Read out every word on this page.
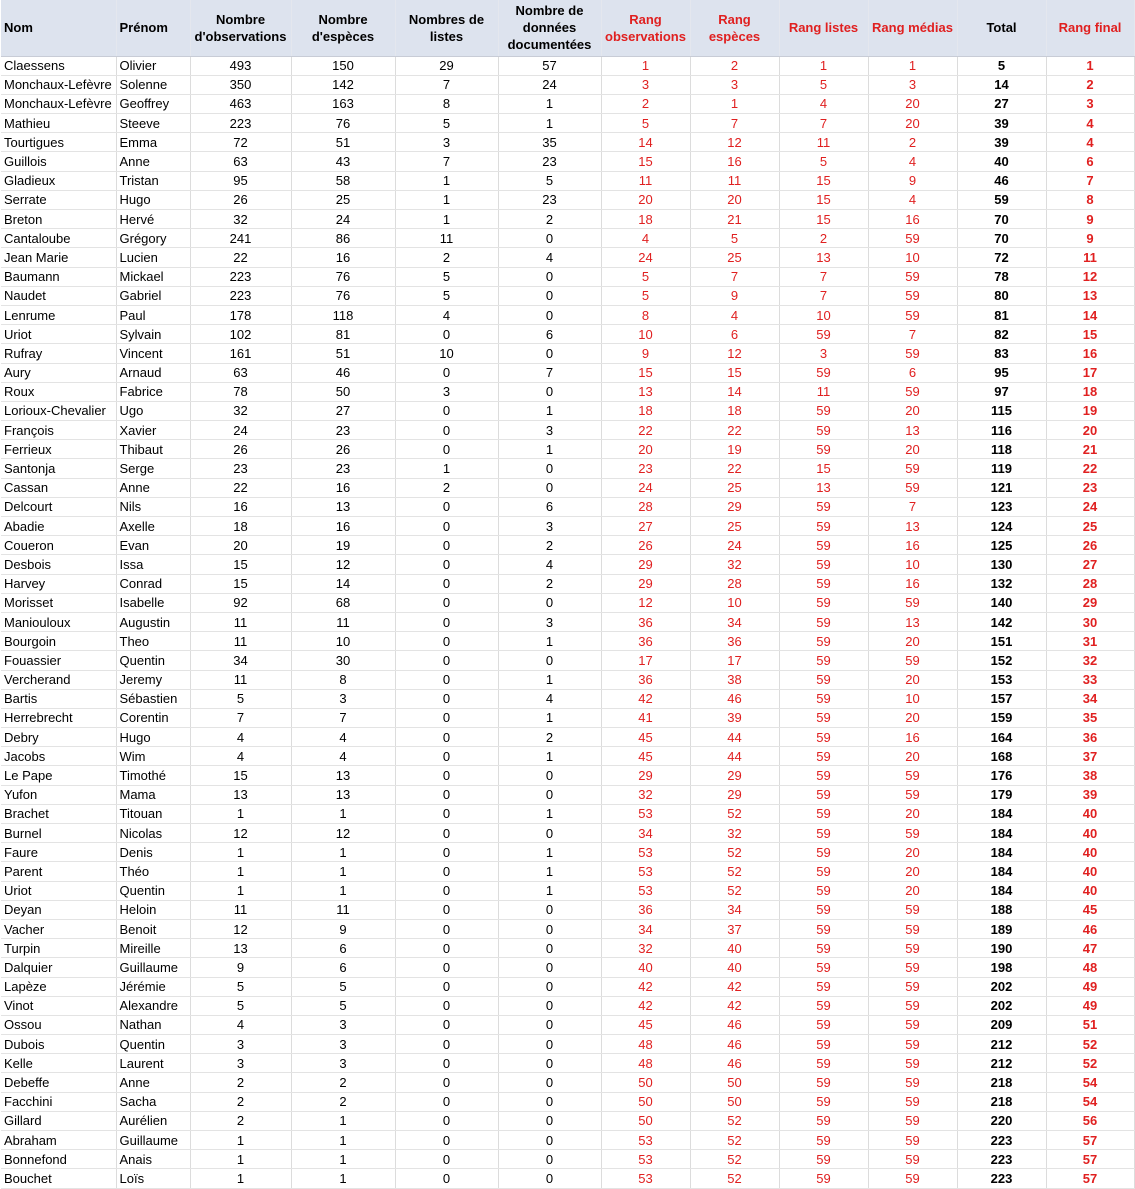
Nom	Prénom	Nombre d'observations	Nombre d'espèces	Nombres de listes	Nombre de données documentées	Rang observations	Rang espèces	Rang listes	Rang médias	Total	Rang final
Claessens	Olivier	493	150	29	57	1	2	1	1	5	1
Monchaux-Lefèvre	Solenne	350	142	7	24	3	3	5	3	14	2
Monchaux-Lefèvre	Geoffrey	463	163	8	1	2	1	4	20	27	3
Mathieu	Steeve	223	76	5	1	5	7	7	20	39	4
Tourtigues	Emma	72	51	3	35	14	12	11	2	39	4
Guillois	Anne	63	43	7	23	15	16	5	4	40	6
Gladieux	Tristan	95	58	1	5	11	11	15	9	46	7
Serrate	Hugo	26	25	1	23	20	20	15	4	59	8
Breton	Hervé	32	24	1	2	18	21	15	16	70	9
Cantaloube	Grégory	241	86	11	0	4	5	2	59	70	9
Jean Marie	Lucien	22	16	2	4	24	25	13	10	72	11
Baumann	Mickael	223	76	5	0	5	7	7	59	78	12
Naudet	Gabriel	223	76	5	0	5	9	7	59	80	13
Lenrume	Paul	178	118	4	0	8	4	10	59	81	14
Uriot	Sylvain	102	81	0	6	10	6	59	7	82	15
Rufray	Vincent	161	51	10	0	9	12	3	59	83	16
Aury	Arnaud	63	46	0	7	15	15	59	6	95	17
Roux	Fabrice	78	50	3	0	13	14	11	59	97	18
Lorioux-Chevalier	Ugo	32	27	0	1	18	18	59	20	115	19
François	Xavier	24	23	0	3	22	22	59	13	116	20
Ferrieux	Thibaut	26	26	0	1	20	19	59	20	118	21
Santonja	Serge	23	23	1	0	23	22	15	59	119	22
Cassan	Anne	22	16	2	0	24	25	13	59	121	23
Delcourt	Nils	16	13	0	6	28	29	59	7	123	24
Abadie	Axelle	18	16	0	3	27	25	59	13	124	25
Coueron	Evan	20	19	0	2	26	24	59	16	125	26
Desbois	Issa	15	12	0	4	29	32	59	10	130	27
Harvey	Conrad	15	14	0	2	29	28	59	16	132	28
Morisset	Isabelle	92	68	0	0	12	10	59	59	140	29
Maniouloux	Augustin	11	11	0	3	36	34	59	13	142	30
Bourgoin	Theo	11	10	0	1	36	36	59	20	151	31
Fouassier	Quentin	34	30	0	0	17	17	59	59	152	32
Vercherand	Jeremy	11	8	0	1	36	38	59	20	153	33
Bartis	Sébastien	5	3	0	4	42	46	59	10	157	34
Herrebrecht	Corentin	7	7	0	1	41	39	59	20	159	35
Debry	Hugo	4	4	0	2	45	44	59	16	164	36
Jacobs	Wim	4	4	0	1	45	44	59	20	168	37
Le Pape	Timothé	15	13	0	0	29	29	59	59	176	38
Yufon	Mama	13	13	0	0	32	29	59	59	179	39
Brachet	Titouan	1	1	0	1	53	52	59	20	184	40
Burnel	Nicolas	12	12	0	0	34	32	59	59	184	40
Faure	Denis	1	1	0	1	53	52	59	20	184	40
Parent	Théo	1	1	0	1	53	52	59	20	184	40
Uriot	Quentin	1	1	0	1	53	52	59	20	184	40
Deyan	Heloin	11	11	0	0	36	34	59	59	188	45
Vacher	Benoit	12	9	0	0	34	37	59	59	189	46
Turpin	Mireille	13	6	0	0	32	40	59	59	190	47
Dalquier	Guillaume	9	6	0	0	40	40	59	59	198	48
Lapèze	Jérémie	5	5	0	0	42	42	59	59	202	49
Vinot	Alexandre	5	5	0	0	42	42	59	59	202	49
Ossou	Nathan	4	3	0	0	45	46	59	59	209	51
Dubois	Quentin	3	3	0	0	48	46	59	59	212	52
Kelle	Laurent	3	3	0	0	48	46	59	59	212	52
Debeffe	Anne	2	2	0	0	50	50	59	59	218	54
Facchini	Sacha	2	2	0	0	50	50	59	59	218	54
Gillard	Aurélien	2	1	0	0	50	52	59	59	220	56
Abraham	Guillaume	1	1	0	0	53	52	59	59	223	57
Bonnefond	Anais	1	1	0	0	53	52	59	59	223	57
Bouchet	Loïs	1	1	0	0	53	52	59	59	223	57
